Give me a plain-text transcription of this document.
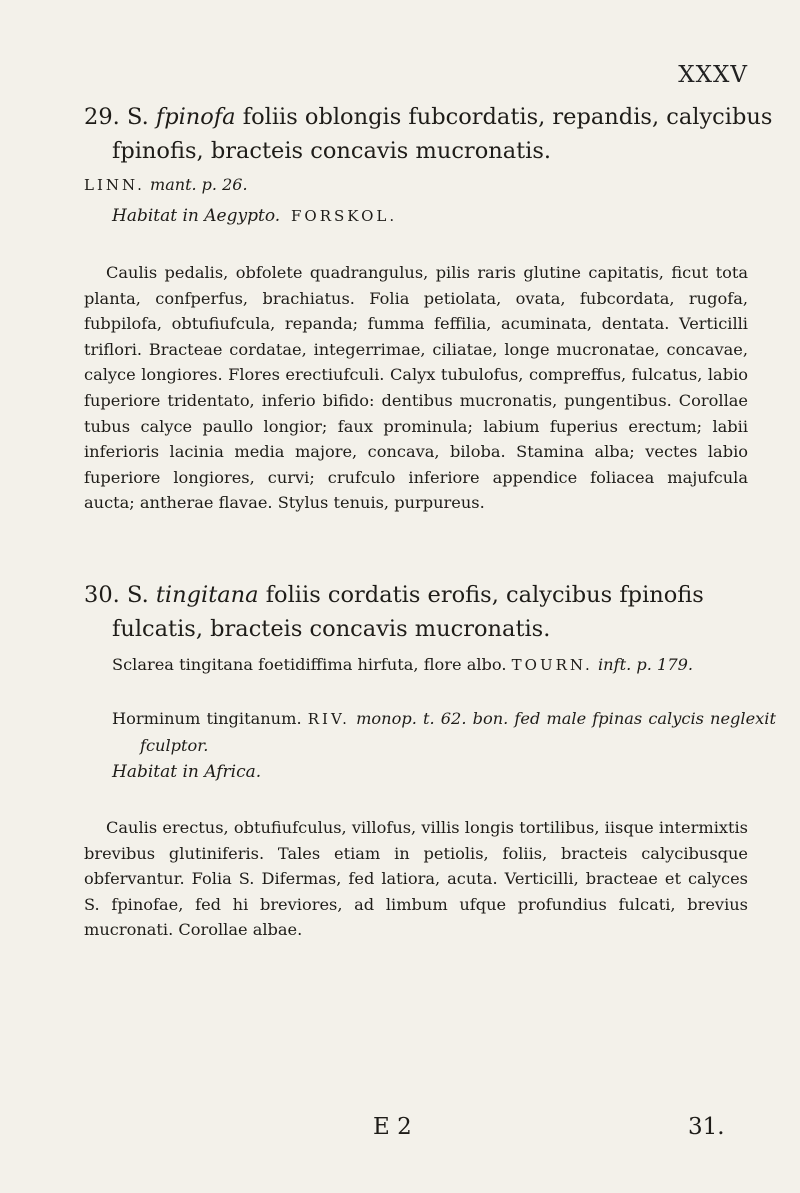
XXXV
29. S. fpinofa foliis oblongis fubcordatis, repandis, calycibus fpinofis, bracteis concavis mucronatis.
LINN. mant. p. 26.
Habitat in Aegypto. FORSKOL.
Caulis pedalis, obfolete quadrangulus, pilis raris glutine capitatis, ficut tota planta, confperfus, brachiatus. Folia petiolata, ovata, fubcordata, rugofa, fubpilofa, obtufiufcula, repanda; fumma feffilia, acuminata, dentata. Verticilli triflori. Bracteae cordatae, integerrimae, ciliatae, longe mucronatae, concavae, calyce longiores. Flores erectiufculi. Calyx tubulofus, compreffus, fulcatus, labio fuperiore tridentato, inferio bifido: dentibus mucronatis, pungentibus. Corollae tubus calyce paullo longior; faux prominula; labium fuperius erectum; labii inferioris lacinia media majore, concava, biloba. Stamina alba; vectes labio fuperiore longiores, curvi; crufculo inferiore appendice foliacea majufcula aucta; antherae flavae. Stylus tenuis, purpureus.
30. S. tingitana foliis cordatis erofis, calycibus fpinofis fulcatis, bracteis concavis mucronatis.
Sclarea tingitana foetidiffima hirfuta, flore albo. TOURN. inft. p. 179.
Horminum tingitanum. RIV. monop. t. 62. bon. fed male fpinas calycis neglexit fculptor.
Habitat in Africa.
Caulis erectus, obtufiufculus, villofus, villis longis tortilibus, iisque intermixtis brevibus glutiniferis. Tales etiam in petiolis, foliis, bracteis calycibusque obfervantur. Folia S. Difermas, fed latiora, acuta. Verticilli, bracteae et calyces S. fpinofae, fed hi breviores, ad limbum ufque profundius fulcati, brevius mucronati. Corollae albae.
E 2	31.
